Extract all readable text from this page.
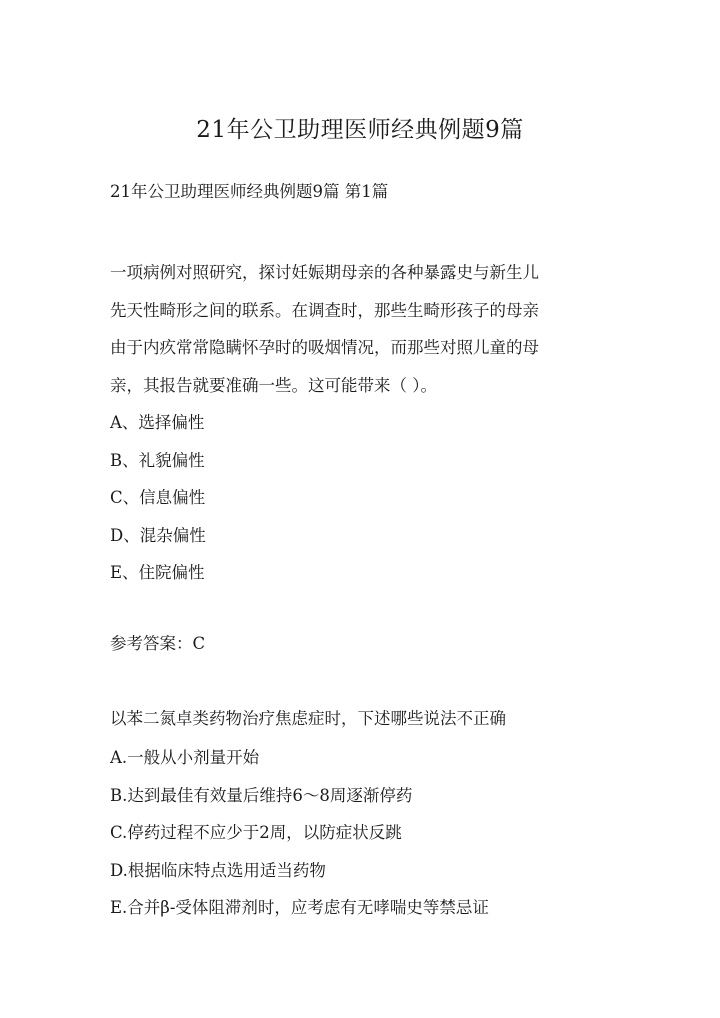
21年公卫助理医师经典例题9篇
21年公卫助理医师经典例题9篇 第1篇
一项病例对照研究，探讨妊娠期母亲的各种暴露史与新生儿
先天性畸形之间的联系。在调查时，那些生畸形孩子的母亲
由于内疚常常隐瞒怀孕时的吸烟情况，而那些对照儿童的母
亲，其报告就要准确一些。这可能带来（ ）。
A、选择偏性
B、礼貌偏性
C、信息偏性
D、混杂偏性
E、住院偏性
参考答案：C
以苯二氮卓类药物治疗焦虑症时，下述哪些说法不正确
A.一般从小剂量开始
B.达到最佳有效量后维持6～8周逐渐停药
C.停药过程不应少于2周，以防症状反跳
D.根据临床特点选用适当药物
E.合并β-受体阻滞剂时，应考虑有无哮喘史等禁忌证
